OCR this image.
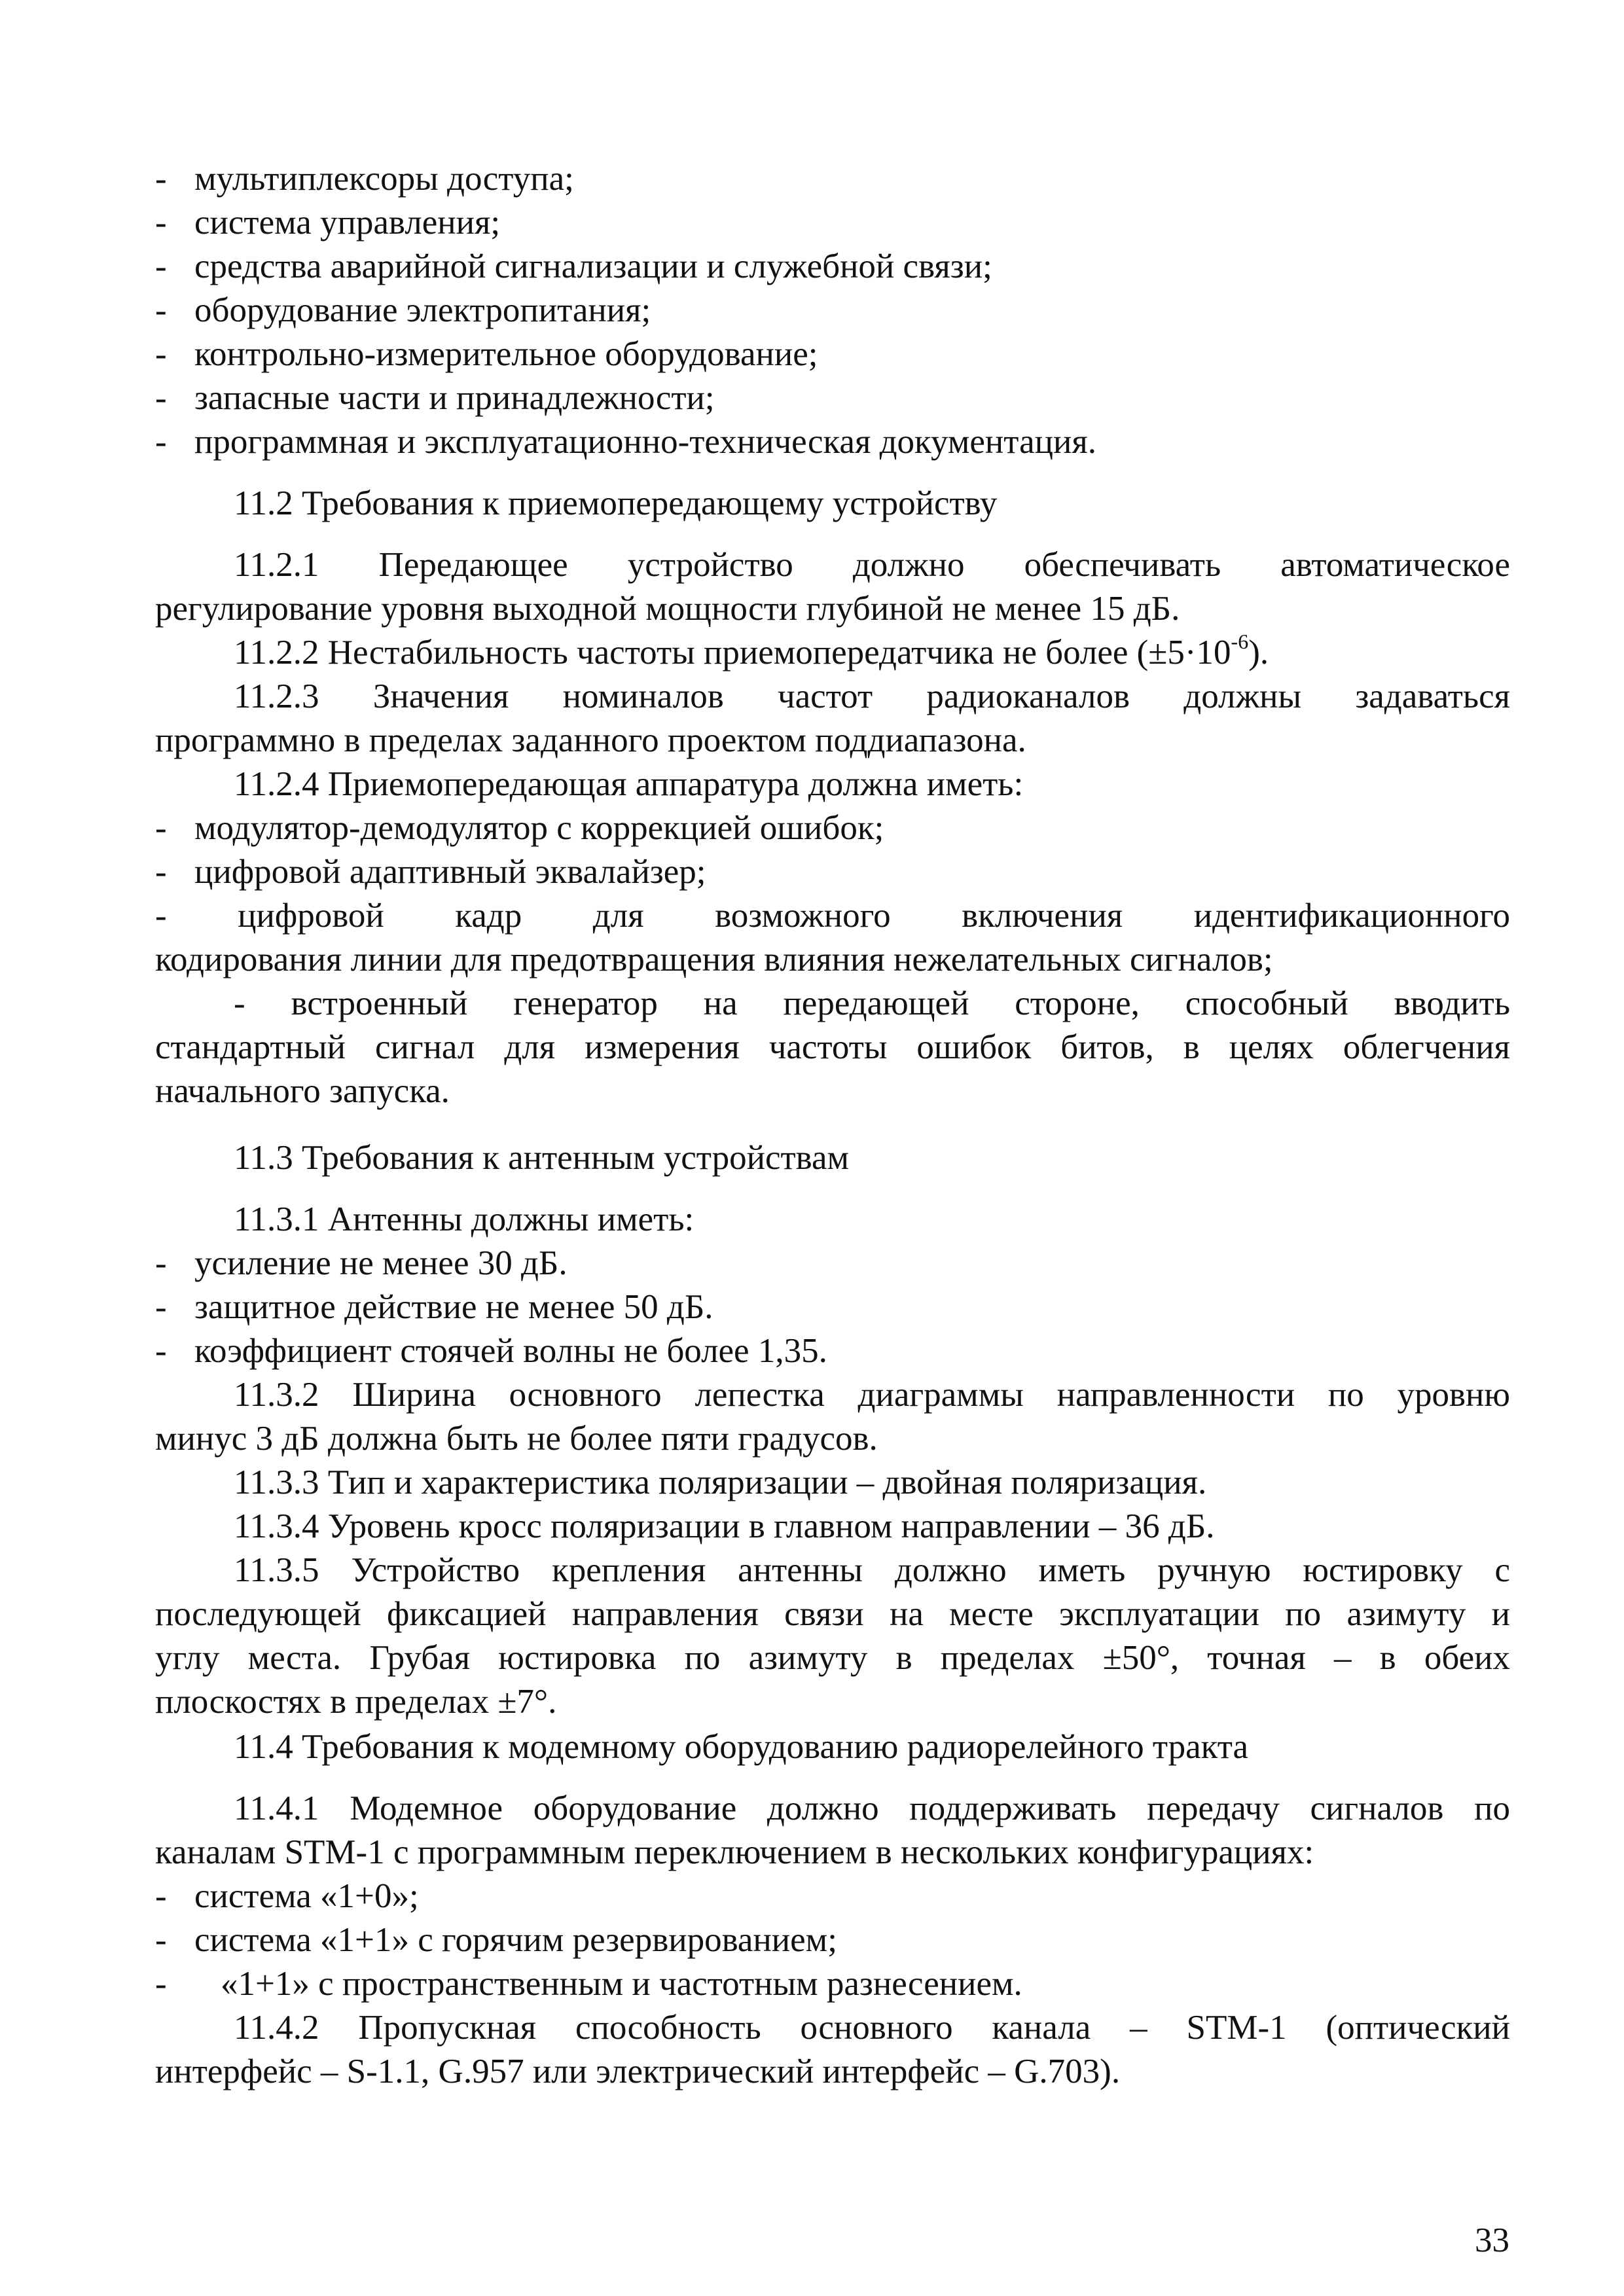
- мультиплексоры доступа;
- система управления;
- средства аварийной сигнализации и служебной связи;
- оборудование электропитания;
- контрольно-измерительное оборудование;
- запасные части и принадлежности;
- программная и эксплуатационно-техническая документация.
11.2 Требования к приемопередающему устройству
11.2.1 Передающее устройство должно обеспечивать автоматическое
регулирование уровня выходной мощности глубиной не менее 15 дБ.
11.2.2 Нестабильность частоты приемопередатчика не более $(\pm 5\cdot 10^{-6})$.
11.2.3 Значения номиналов частот радиоканалов должны задаваться
программно в пределах заданного проектом поддиапазона.
11.2.4 Приемопередающая аппаратура должна иметь:
- модулятор-демодулятор с коррекцией ошибок;
- цифровой адаптивный эквалайзер;
- цифровой кадр для возможного включения идентификационного
кодирования линии для предотвращения влияния нежелательных сигналов;
- встроенный генератор на передающей стороне, способный вводить
стандартный сигнал для измерения частоты ошибок битов, в целях облегчения
начального запуска.
11.3 Требования к антенным устройствам
11.3.1 Антенны должны иметь:
- усиление не менее 30 дБ.
- защитное действие не менее 50 дБ.
- коэффициент стоячей волны не более 1,35.
11.3.2 Ширина основного лепестка диаграммы направленности по уровню
минус 3 дБ должна быть не более пяти градусов.
11.3.3 Тип и характеристика поляризации – двойная поляризация.
11.3.4 Уровень кросс поляризации в главном направлении – 36 дБ.
11.3.5 Устройство крепления антенны должно иметь ручную юстировку с
последующей фиксацией направления связи на месте эксплуатации по азимуту и
углу места. Грубая юстировка по азимуту в пределах ±50°, точная – в обеих
плоскостях в пределах ±7°.
11.4 Требования к модемному оборудованию радиорелейного тракта
11.4.1 Модемное оборудование должно поддерживать передачу сигналов по
каналам STM-1 с программным переключением в нескольких конфигурациях:
- система «1+0»;
- система «1+1» с горячим резервированием;
- «1+1» с пространственным и частотным разнесением.
11.4.2 Пропускная способность основного канала – STM-1 (оптический
интерфейс – S-1.1, G.957 или электрический интерфейс – G.703).
33
